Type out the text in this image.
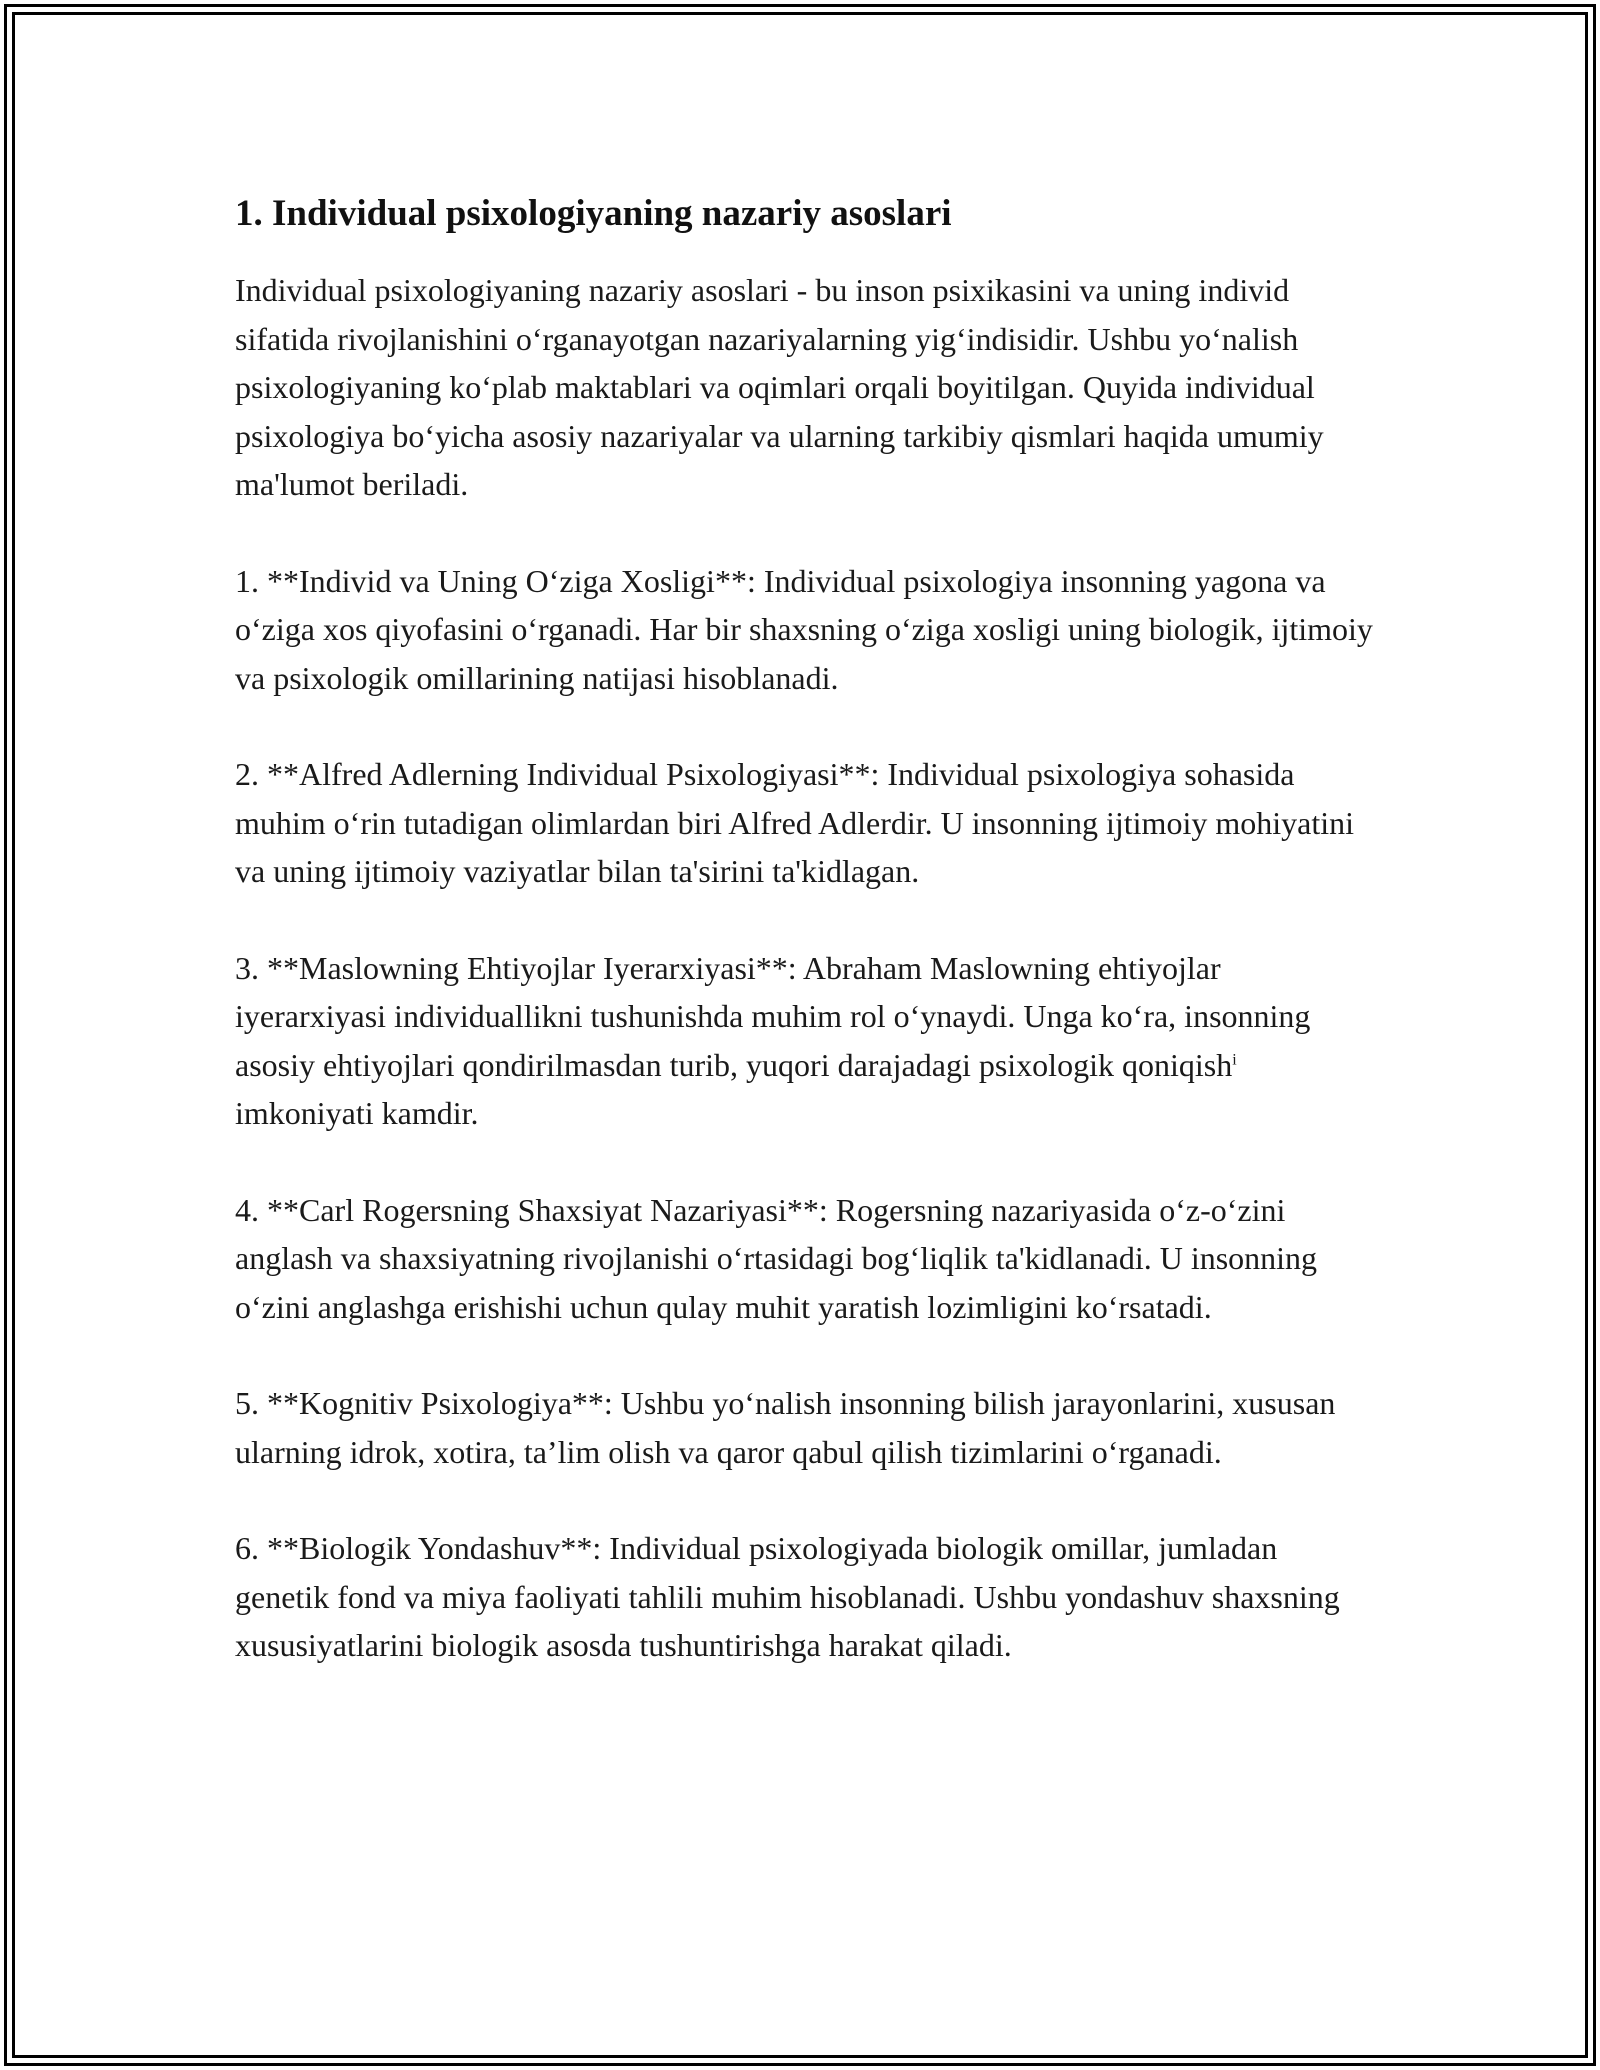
1. Individual psixologiyaning nazariy asoslari

Individual psixologiyaning nazariy asoslari - bu inson psixikasini va uning individ sifatida rivojlanishini o‘rganayotgan nazariyalarning yig‘indisidir. Ushbu yo‘nalish psixologiyaning ko‘plab maktablari va oqimlari orqali boyitilgan. Quyida individual psixologiya bo‘yicha asosiy nazariyalar va ularning tarkibiy qismlari haqida umumiy ma'lumot beriladi.

1. **Individ va Uning O‘ziga Xosligi**: Individual psixologiya insonning yagona va o‘ziga xos qiyofasini o‘rganadi. Har bir shaxsning o‘ziga xosligi uning biologik, ijtimoiy va psixologik omillarining natijasi hisoblanadi.

2. **Alfred Adlerning Individual Psixologiyasi**: Individual psixologiya sohasida muhim o‘rin tutadigan olimlardan biri Alfred Adlerdir. U insonning ijtimoiy mohiyatini va uning ijtimoiy vaziyatlar bilan ta'sirini ta'kidlagan.

3. **Maslowning Ehtiyojlar Iyerarxiyasi**: Abraham Maslowning ehtiyojlar iyerarxiyasi individuallikni tushunishda muhim rol o‘ynaydi. Unga ko‘ra, insonning asosiy ehtiyojlari qondirilmasdan turib, yuqori darajadagi psixologik qoniqish$^i$ imkoniyati kamdir.

4. **Carl Rogersning Shaxsiyat Nazariyasi**: Rogersning nazariyasida o‘z-o‘zini anglash va shaxsiyatning rivojlanishi o‘rtasidagi bog‘liqlik ta'kidlanadi. U insonning o‘zini anglashga erishishi uchun qulay muhit yaratish lozimligini ko‘rsatadi.

5. **Kognitiv Psixologiya**: Ushbu yo‘nalish insonning bilish jarayonlarini, xususan ularning idrok, xotira, ta’lim olish va qaror qabul qilish tizimlarini o‘rganadi.

6. **Biologik Yondashuv**: Individual psixologiyada biologik omillar, jumladan genetik fond va miya faoliyati tahlili muhim hisoblanadi. Ushbu yondashuv shaxsning xususiyatlarini biologik asosda tushuntirishga harakat qiladi.
